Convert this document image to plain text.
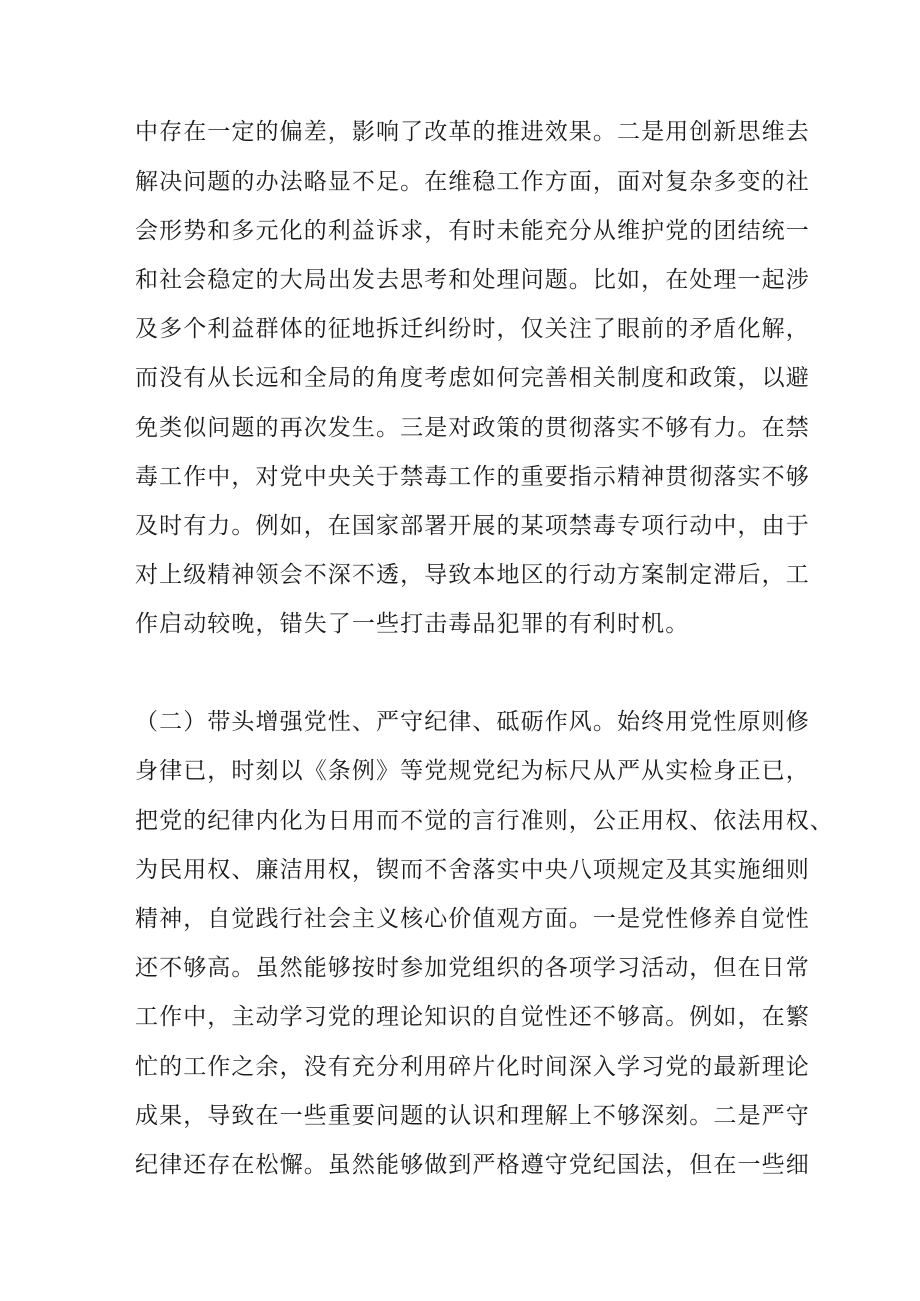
中存在一定的偏差，影响了改革的推进效果。二是用创新思维去
解决问题的办法略显不足。在维稳工作方面，面对复杂多变的社
会形势和多元化的利益诉求，有时未能充分从维护党的团结统一
和社会稳定的大局出发去思考和处理问题。比如，在处理一起涉
及多个利益群体的征地拆迁纠纷时，仅关注了眼前的矛盾化解，
而没有从长远和全局的角度考虑如何完善相关制度和政策，以避
免类似问题的再次发生。三是对政策的贯彻落实不够有力。在禁
毒工作中，对党中央关于禁毒工作的重要指示精神贯彻落实不够
及时有力。例如，在国家部署开展的某项禁毒专项行动中，由于
对上级精神领会不深不透，导致本地区的行动方案制定滞后，工
作启动较晚，错失了一些打击毒品犯罪的有利时机。
（二）带头增强党性、严守纪律、砥砺作风。始终用党性原则修
身律已，时刻以《条例》等党规党纪为标尺从严从实检身正已，
把党的纪律内化为日用而不觉的言行准则，公正用权、依法用权、
为民用权、廉洁用权，锲而不舍落实中央八项规定及其实施细则
精神，自觉践行社会主义核心价值观方面。一是党性修养自觉性
还不够高。虽然能够按时参加党组织的各项学习活动，但在日常
工作中，主动学习党的理论知识的自觉性还不够高。例如，在繁
忙的工作之余，没有充分利用碎片化时间深入学习党的最新理论
成果，导致在一些重要问题的认识和理解上不够深刻。二是严守
纪律还存在松懈。虽然能够做到严格遵守党纪国法，但在一些细
